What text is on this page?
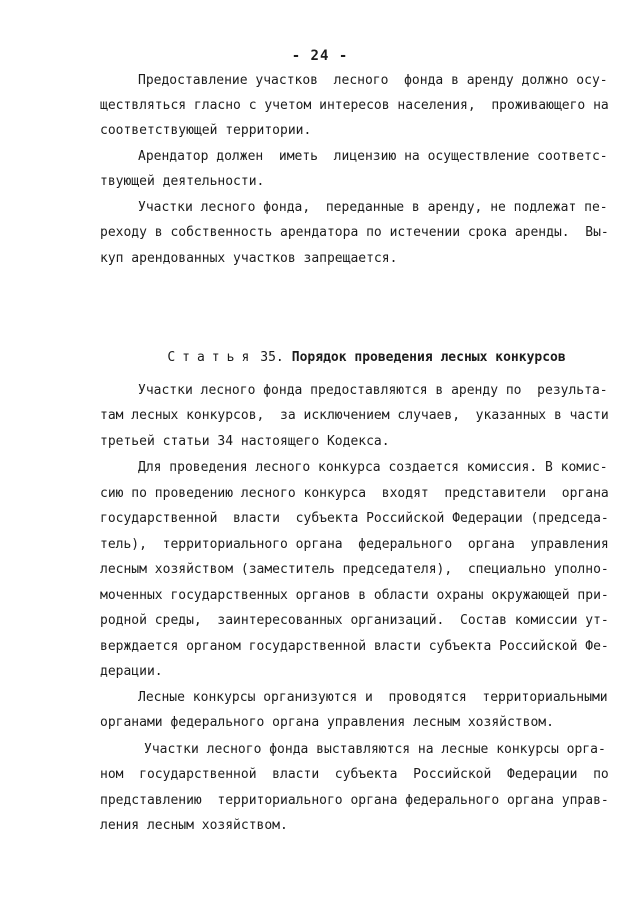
- 24 -
Предоставление участков  лесного  фонда в аренду должно осу-
ществляться гласно с учетом интересов населения,  проживающего на
соответствующей территории.
Арендатор должен  иметь  лицензию на осуществление соответс-
твующей деятельности.
Участки лесного фонда,  переданные в аренду, не подлежат пе-
реходу в собственность арендатора по истечении срока аренды.  Вы-
куп арендованных участков запрещается.

Статья 35. Порядок проведения лесных конкурсов

Участки лесного фонда предоставляются в аренду по  результа-
там лесных конкурсов,  за исключением случаев,  указанных в части
третьей статьи 34 настоящего Кодекса.
Для проведения лесного конкурса создается комиссия. В комис-
сию по проведению лесного конкурса  входят  представители  органа
государственной  власти  субъекта Российской Федерации (председа-
тель),  территориального органа  федерального  органа  управления
лесным хозяйством (заместитель председателя),  специально уполно-
моченных государственных органов в области охраны окружающей при-
родной среды,  заинтересованных организаций.  Состав комиссии ут-
верждается органом государственной власти субъекта Российской Фе-
дерации.
Лесные конкурсы организуются и  проводятся  территориальными
органами федерального органа управления лесным хозяйством.
Участки лесного фонда выставляются на лесные конкурсы орга-
ном  государственной  власти  субъекта  Российской  Федерации  по
представлению  территориального органа федерального органа управ-
ления лесным хозяйством.
